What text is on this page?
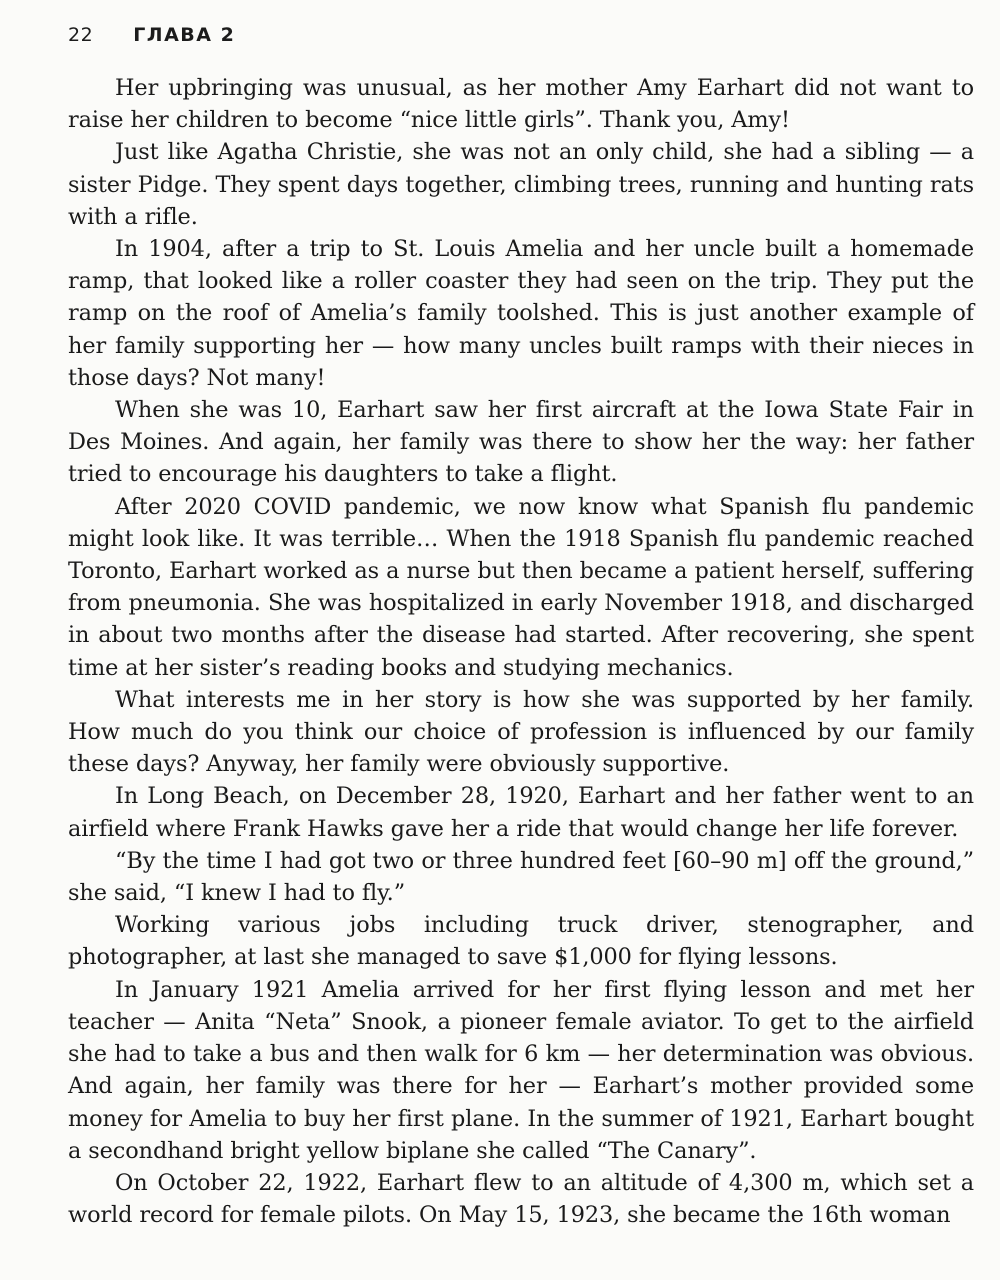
22 ГЛАВА 2

Her upbringing was unusual, as her mother Amy Earhart did not want to raise her children to become “nice little girls”. Thank you, Amy!

Just like Agatha Christie, she was not an only child, she had a sibling — a sister Pidge. They spent days together, climbing trees, running and hunting rats with a rifle.

In 1904, after a trip to St. Louis Amelia and her uncle built a homemade ramp, that looked like a roller coaster they had seen on the trip. They put the ramp on the roof of Amelia’s family toolshed. This is just another example of her family supporting her — how many uncles built ramps with their nieces in those days? Not many!

When she was 10, Earhart saw her first aircraft at the Iowa State Fair in Des Moines. And again, her family was there to show her the way: her father tried to encourage his daughters to take a flight.

After 2020 COVID pandemic, we now know what Spanish flu pandemic might look like. It was terrible… When the 1918 Spanish flu pandemic reached Toronto, Earhart worked as a nurse but then became a patient herself, suffering from pneumonia. She was hospitalized in early November 1918, and discharged in about two months after the disease had started. After recovering, she spent time at her sister’s reading books and studying mechanics.

What interests me in her story is how she was supported by her family. How much do you think our choice of profession is influenced by our family these days? Anyway, her family were obviously supportive.

In Long Beach, on December 28, 1920, Earhart and her father went to an airfield where Frank Hawks gave her a ride that would change her life forever.

“By the time I had got two or three hundred feet [60–90 m] off the ground,” she said, “I knew I had to fly.”

Working various jobs including truck driver, stenographer, and photographer, at last she managed to save $1,000 for flying lessons.

In January 1921 Amelia arrived for her first flying lesson and met her teacher — Anita “Neta” Snook, a pioneer female aviator. To get to the airfield she had to take a bus and then walk for 6 km — her determination was obvious. And again, her family was there for her — Earhart’s mother provided some money for Amelia to buy her first plane. In the summer of 1921, Earhart bought a secondhand bright yellow biplane she called “The Canary”.

On October 22, 1922, Earhart flew to an altitude of 4,300 m, which set a world record for female pilots. On May 15, 1923, she became the 16th woman
